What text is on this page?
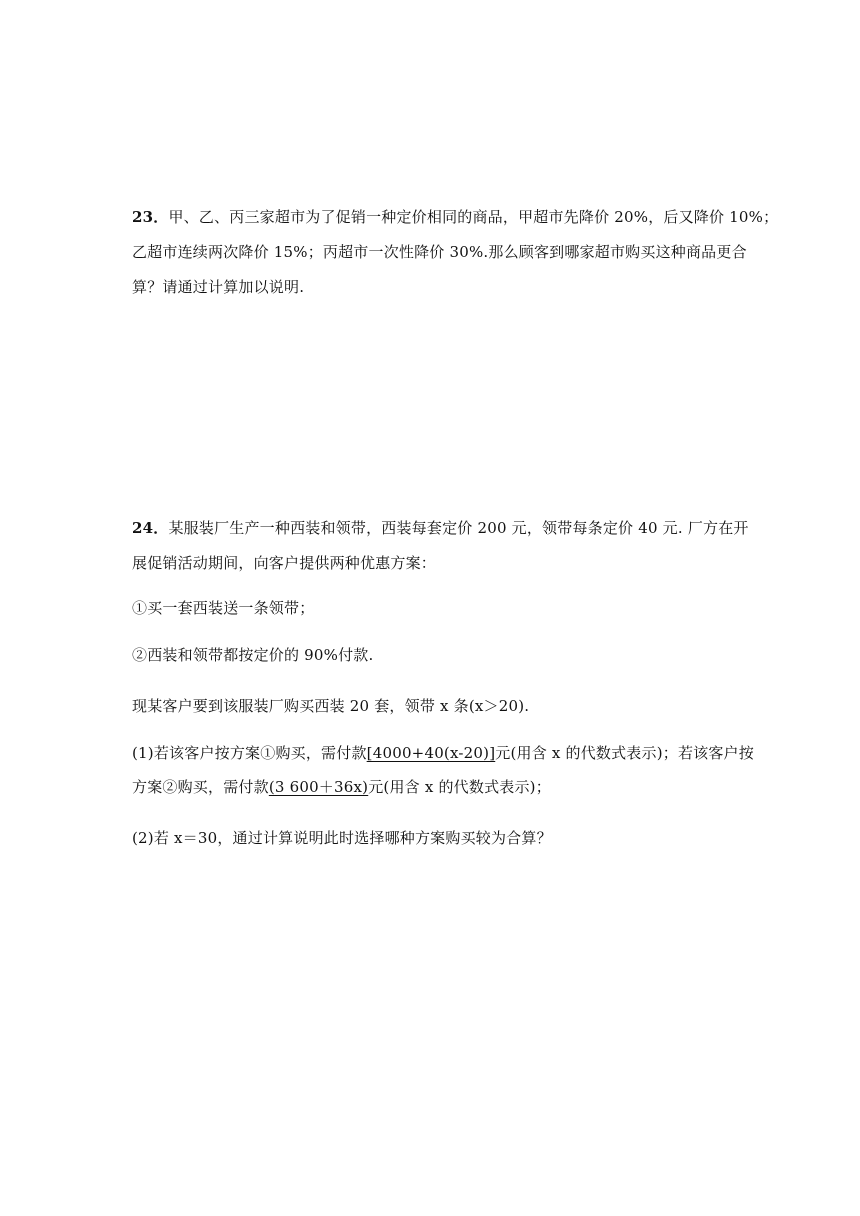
23．甲、乙、丙三家超市为了促销一种定价相同的商品，甲超市先降价 20%，后又降价 10%；
乙超市连续两次降价 15%；丙超市一次性降价 30%.那么顾客到哪家超市购买这种商品更合
算？请通过计算加以说明.
24．某服装厂生产一种西装和领带，西装每套定价 200 元，领带每条定价 40 元. 厂方在开
展促销活动期间，向客户提供两种优惠方案：
①买一套西装送一条领带；
②西装和领带都按定价的 90%付款.
现某客户要到该服装厂购买西装 20 套，领带 x 条(x＞20).
(1)若该客户按方案①购买，需付款[4000+40(x-20)]元(用含 x 的代数式表示)；若该客户按
方案②购买，需付款(3 600＋36x)元(用含 x 的代数式表示)；
(2)若 x＝30，通过计算说明此时选择哪种方案购买较为合算？
